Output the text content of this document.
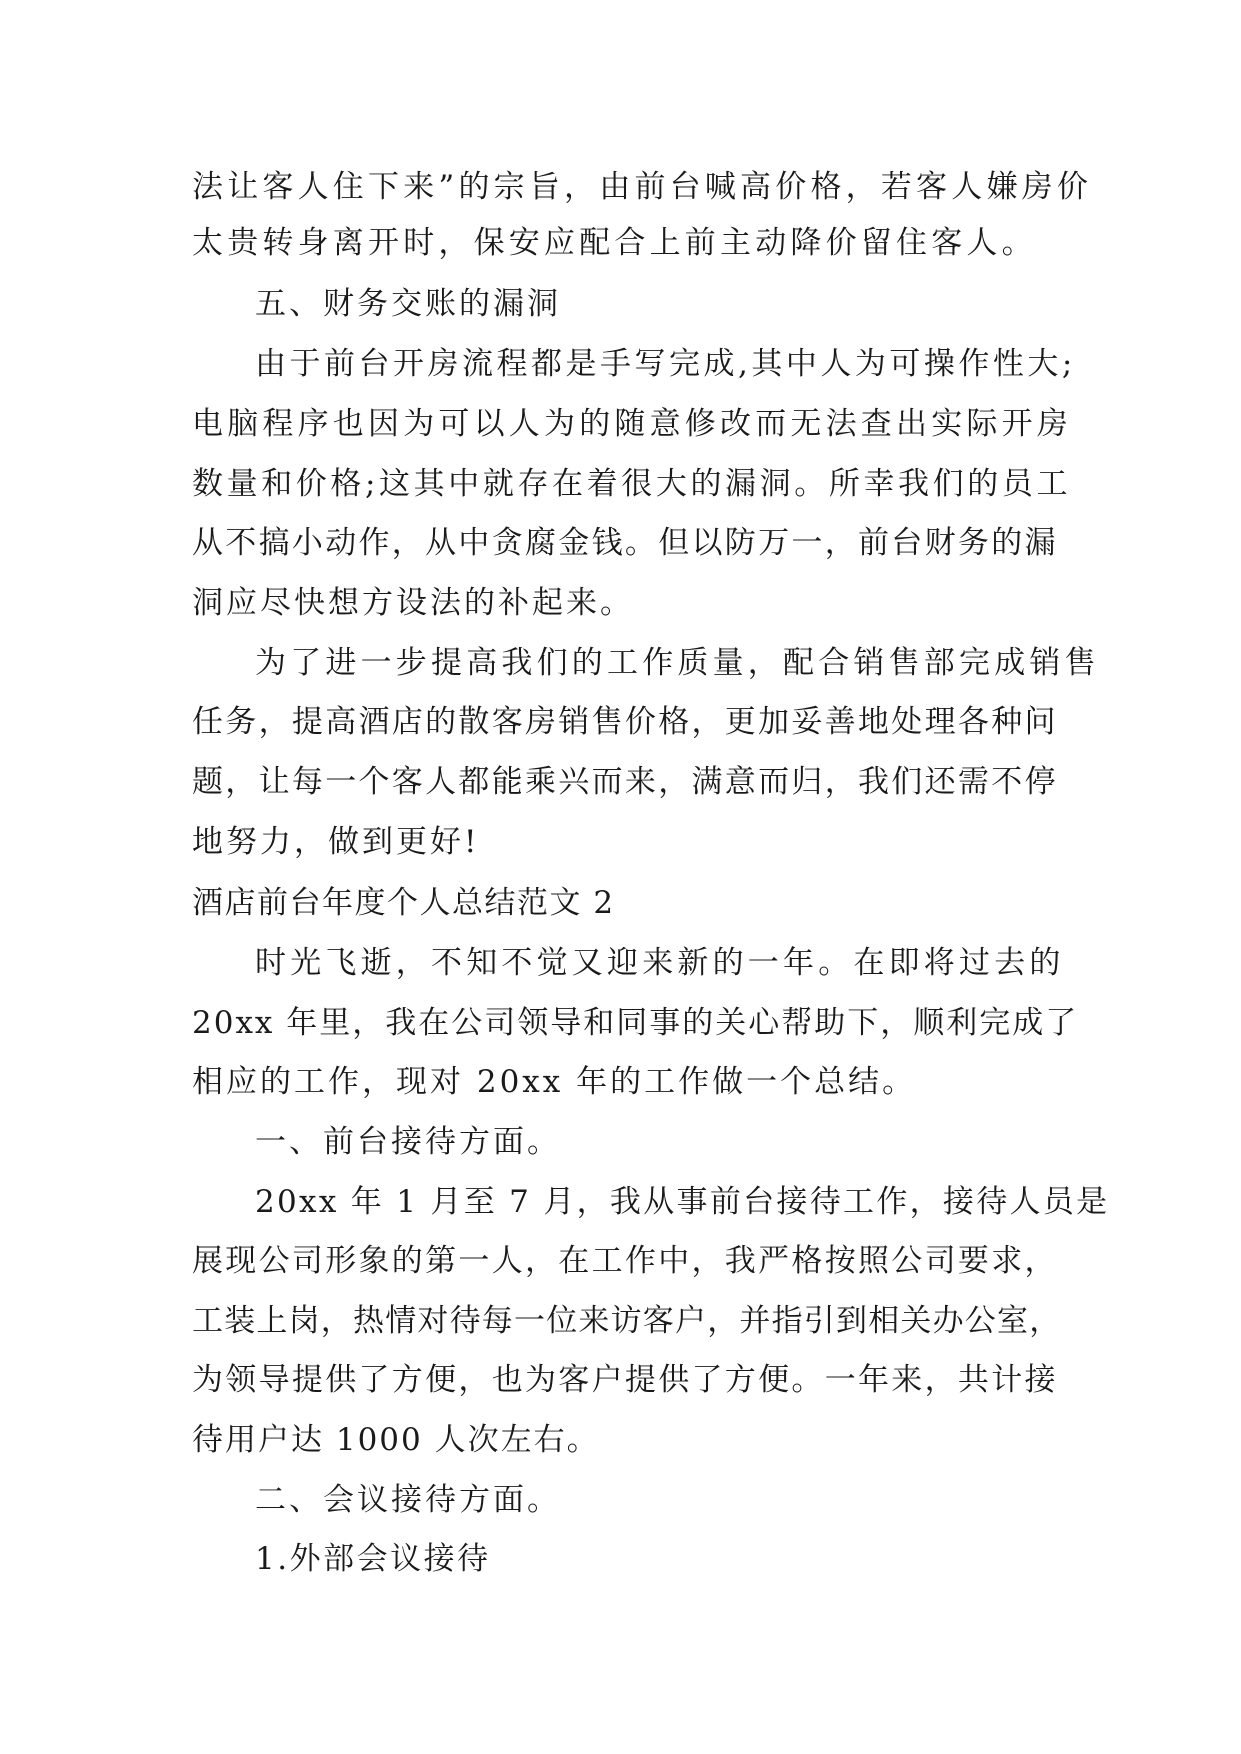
法让客人住下来”的宗旨，由前台喊高价格，若客人嫌房价
太贵转身离开时，保安应配合上前主动降价留住客人。
五、财务交账的漏洞
由于前台开房流程都是手写完成,其中人为可操作性大;
电脑程序也因为可以人为的随意修改而无法查出实际开房
数量和价格;这其中就存在着很大的漏洞。所幸我们的员工
从不搞小动作，从中贪腐金钱。但以防万一，前台财务的漏
洞应尽快想方设法的补起来。
为了进一步提高我们的工作质量，配合销售部完成销售
任务，提高酒店的散客房销售价格，更加妥善地处理各种问
题，让每一个客人都能乘兴而来，满意而归，我们还需不停
地努力，做到更好!
酒店前台年度个人总结范文 2
时光飞逝，不知不觉又迎来新的一年。在即将过去的
20xx 年里，我在公司领导和同事的关心帮助下，顺利完成了
相应的工作，现对 20xx 年的工作做一个总结。
一、前台接待方面。
20xx 年 1 月至 7 月，我从事前台接待工作，接待人员是
展现公司形象的第一人，在工作中，我严格按照公司要求，
工装上岗，热情对待每一位来访客户，并指引到相关办公室，
为领导提供了方便，也为客户提供了方便。一年来，共计接
待用户达 1000 人次左右。
二、会议接待方面。
1.外部会议接待
